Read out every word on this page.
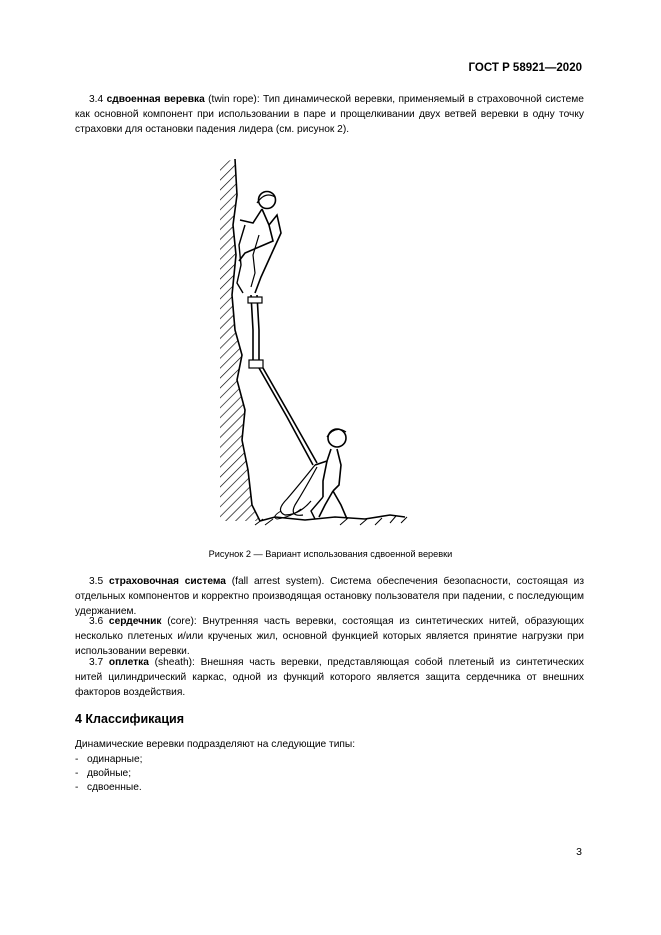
ГОСТ Р 58921—2020
3.4 сдвоенная веревка (twin rope): Тип динамической веревки, применяемый в страховочной системе как основной компонент при использовании в паре и прощелкивании двух ветвей веревки в одну точку страховки для остановки падения лидера (см. рисунок 2).
Рисунок 2 — Вариант использования сдвоенной веревки
3.5 страховочная система (fall arrest system). Система обеспечения безопасности, состоящая из отдельных компонентов и корректно производящая остановку пользователя при падении, с последующим удержанием.
3.6 сердечник (core): Внутренняя часть веревки, состоящая из синтетических нитей, образующих несколько плетеных и/или крученых жил, основной функцией которых является принятие нагрузки при использовании веревки.
3.7 оплетка (sheath): Внешняя часть веревки, представляющая собой плетеный из синтетических нитей цилиндрический каркас, одной из функций которого является защита сердечника от внешних факторов воздействия.
4 Классификация
Динамические веревки подразделяют на следующие типы:
- одинарные;
- двойные;
- сдвоенные.
3
